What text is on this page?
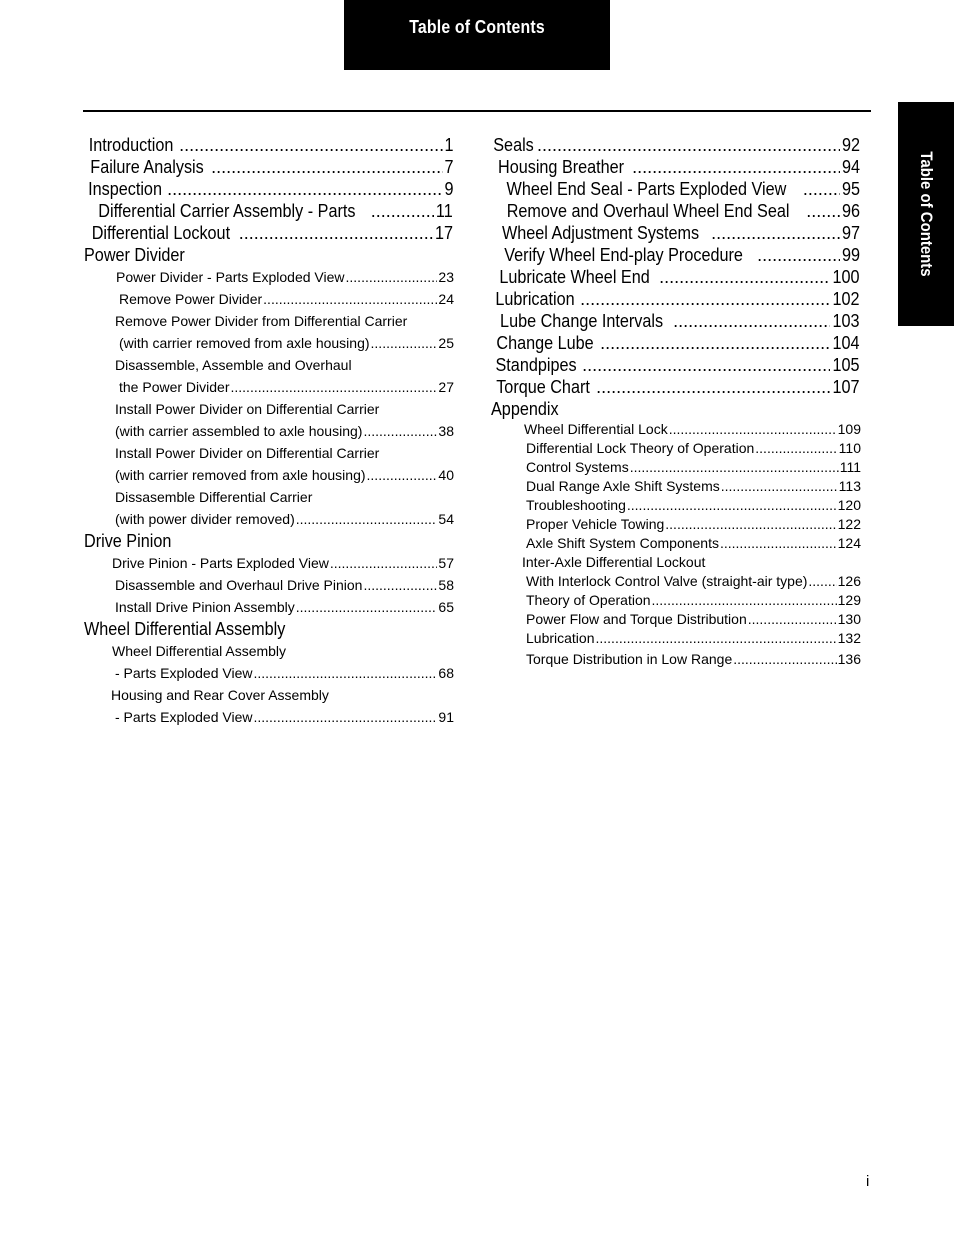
Table of Contents
Table of Contents
Introduction .....	1
Failure Analysis .....	7
Inspection .....	9
Differential Carrier Assembly - Parts .....	11
Differential Lockout .....	17
Power Divider
Power Divider - Parts Exploded View .....	23
Remove Power Divider .....	24
Remove Power Divider from Differential Carrier
(with carrier removed from axle housing) .....	25
Disassemble, Assemble and Overhaul
the Power Divider .....	27
Install Power Divider on Differential Carrier
(with carrier assembled to axle housing) .....	38
Install Power Divider on Differential Carrier
(with carrier removed from axle housing) .....	40
Dissasemble Differential Carrier
(with power divider removed) .....	54
Drive Pinion
Drive Pinion - Parts Exploded View .....	57
Disassemble and Overhaul Drive Pinion .....	58
Install Drive Pinion Assembly .....	65
Wheel Differential Assembly
Wheel Differential Assembly
- Parts Exploded View .....	68
Housing and Rear Cover Assembly
- Parts Exploded View .....	91
Seals .....	92
Housing Breather .....	94
Wheel End Seal - Parts Exploded View .....	95
Remove and Overhaul Wheel End Seal .....	96
Wheel Adjustment Systems .....	97
Verify Wheel End-play Procedure .....	99
Lubricate Wheel End .....	100
Lubrication .....	102
Lube Change Intervals .....	103
Change Lube .....	104
Standpipes .....	105
Torque Chart .....	107
Appendix
Wheel Differential Lock .....	109
Differential Lock Theory of Operation .....	110
Control Systems .....	111
Dual Range Axle Shift Systems .....	113
Troubleshooting .....	120
Proper Vehicle Towing .....	122
Axle Shift System Components .....	124
Inter-Axle Differential Lockout
With Interlock Control Valve (straight-air type) ..... 126
Theory of Operation .....	129
Power Flow and Torque Distribution .....	130
Lubrication .....	132
Torque Distribution in Low Range .....	136
i
